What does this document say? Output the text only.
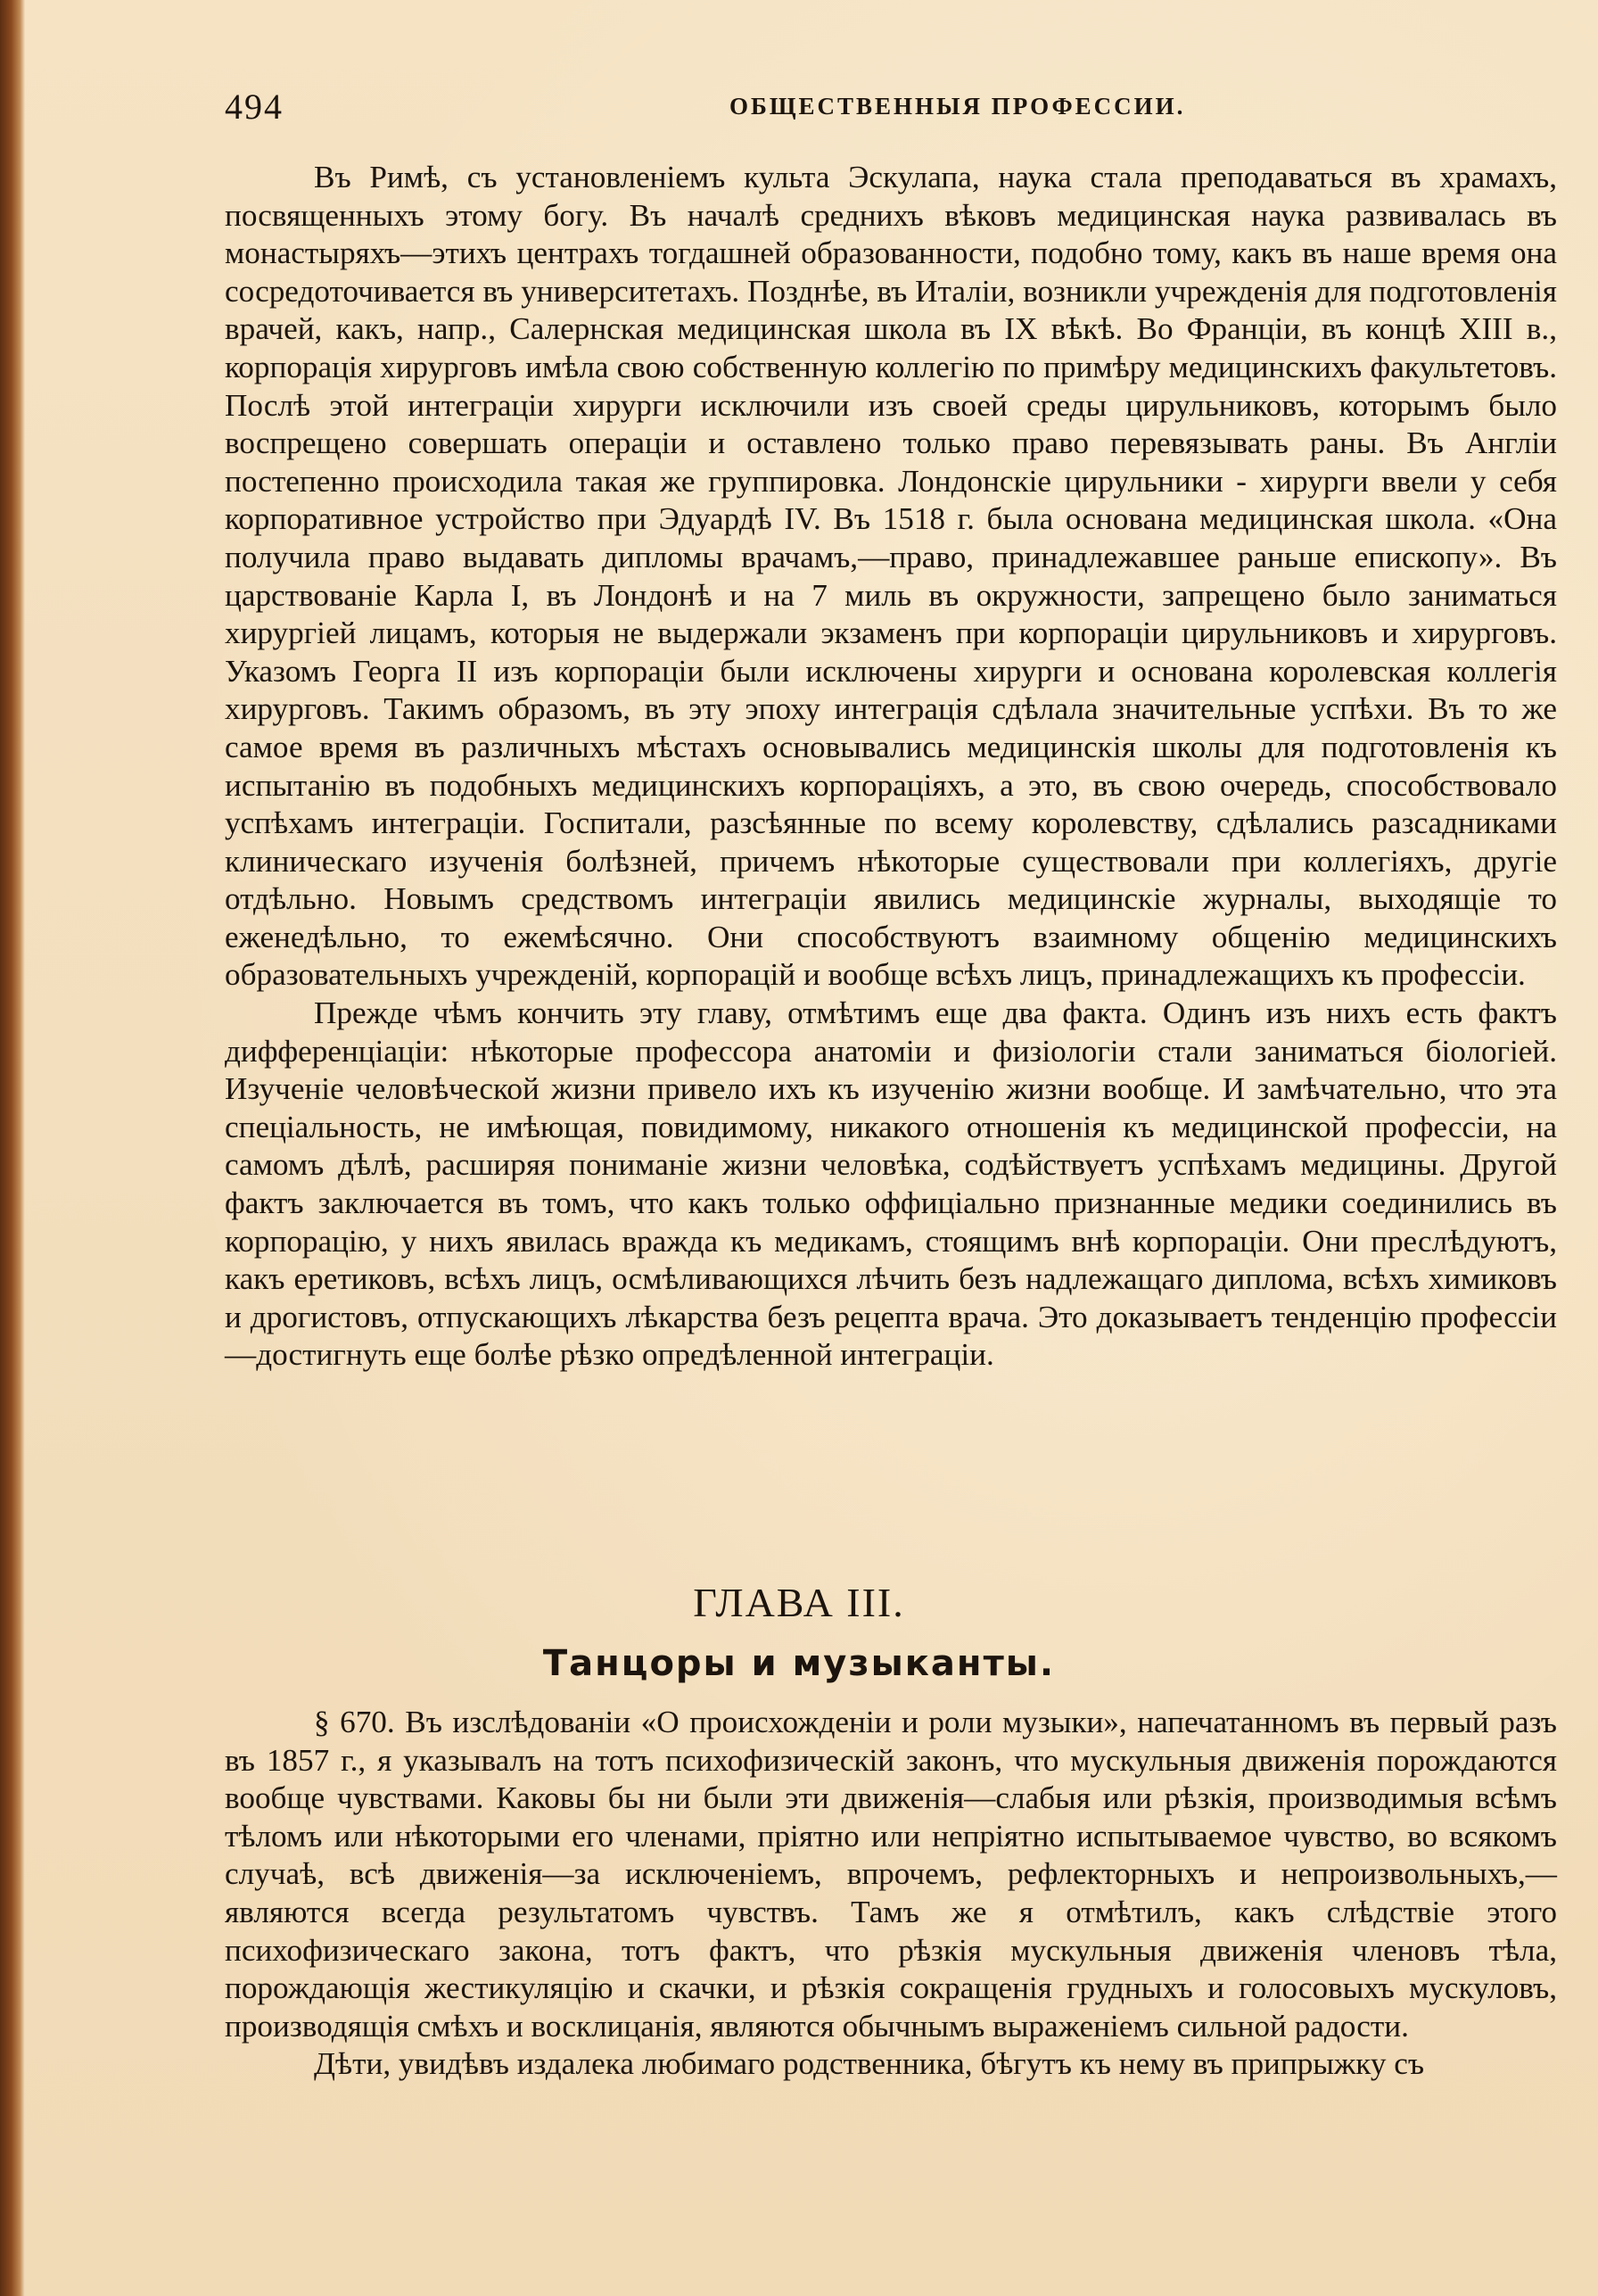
494	ОБЩЕСТВЕННЫЯ ПРОФЕССИИ.

Въ Римѣ, съ установленіемъ культа Эскулапа, наука стала преподаваться въ храмахъ, посвященныхъ этому богу. Въ началѣ среднихъ вѣковъ медицинская наука развивалась въ монастыряхъ—этихъ центрахъ тогдашней образованности, подобно тому, какъ въ наше время она сосредоточивается въ университетахъ. Позднѣе, въ Италіи, возникли учрежденія для подготовленія врачей, какъ, напр., Салернская медицинская школа въ IX вѣкѣ. Во Франціи, въ концѣ XIII в., корпорація хирурговъ имѣла свою собственную коллегію по примѣру медицинскихъ факультетовъ. Послѣ этой интеграціи хирурги исключили изъ своей среды цирульниковъ, которымъ было воспрещено совершать операціи и оставлено только право перевязывать раны. Въ Англіи постепенно происходила такая же группировка. Лондонскіе цирульники - хирурги ввели у себя корпоративное устройство при Эдуардѣ IV. Въ 1518 г. была основана медицинская школа. «Она получила право выдавать дипломы врачамъ,—право, принадлежавшее раньше епископу». Въ царствованіе Карла I, въ Лондонѣ и на 7 миль въ окружности, запрещено было заниматься хирургіей лицамъ, которыя не выдержали экзаменъ при корпораціи цирульниковъ и хирурговъ. Указомъ Георга II изъ корпораціи были исключены хирурги и основана королевская коллегія хирурговъ. Такимъ образомъ, въ эту эпоху интеграція сдѣлала значительные успѣхи. Въ то же самое время въ различныхъ мѣстахъ основывались медицинскія школы для подготовленія къ испытанію въ подобныхъ медицинскихъ корпораціяхъ, а это, въ свою очередь, способствовало успѣхамъ интеграціи. Госпитали, разсѣянные по всему королевству, сдѣлались разсадниками клиническаго изученія болѣзней, причемъ нѣкоторые существовали при коллегіяхъ, другіе отдѣльно. Новымъ средствомъ интеграціи явились медицинскіе журналы, выходящіе то еженедѣльно, то ежемѣсячно. Они способствуютъ взаимному общенію медицинскихъ образовательныхъ учрежденій, корпорацій и вообще всѣхъ лицъ, принадлежащихъ къ профессіи.

Прежде чѣмъ кончить эту главу, отмѣтимъ еще два факта. Одинъ изъ нихъ есть фактъ дифференціаціи: нѣкоторые профессора анатоміи и физіологіи стали заниматься біологіей. Изученіе человѣческой жизни привело ихъ къ изученію жизни вообще. И замѣчательно, что эта спеціальность, не имѣющая, повидимому, никакого отношенія къ медицинской профессіи, на самомъ дѣлѣ, расширяя пониманіе жизни человѣка, содѣйствуетъ успѣхамъ медицины. Другой фактъ заключается въ томъ, что какъ только оффиціально признанные медики соединились въ корпорацію, у нихъ явилась вражда къ медикамъ, стоящимъ внѣ корпораціи. Они преслѣдуютъ, какъ еретиковъ, всѣхъ лицъ, осмѣливающихся лѣчить безъ надлежащаго диплома, всѣхъ химиковъ и дрогистовъ, отпускающихъ лѣкарства безъ рецепта врача. Это доказываетъ тенденцію профессіи—достигнуть еще болѣе рѣзко опредѣленной интеграціи.

ГЛАВА III.
Танцоры и музыканты.

§ 670. Въ изслѣдованіи «О происхожденіи и роли музыки», напечатанномъ въ первый разъ въ 1857 г., я указывалъ на тотъ психофизическій законъ, что мускульныя движенія порождаются вообще чувствами. Каковы бы ни были эти движенія—слабыя или рѣзкія, производимыя всѣмъ тѣломъ или нѣкоторыми его членами, пріятно или непріятно испытываемое чувство, во всякомъ случаѣ, всѣ движенія—за исключеніемъ, впрочемъ, рефлекторныхъ и непроизвольныхъ,—являются всегда результатомъ чувствъ. Тамъ же я отмѣтилъ, какъ слѣдствіе этого психофизическаго закона, тотъ фактъ, что рѣзкія мускульныя движенія членовъ тѣла, порождающія жестикуляцію и скачки, и рѣзкія сокращенія грудныхъ и голосовыхъ мускуловъ, производящія смѣхъ и восклицанія, являются обычнымъ выраженіемъ сильной радости.

Дѣти, увидѣвъ издалека любимаго родственника, бѣгутъ къ нему въ припрыжку съ
